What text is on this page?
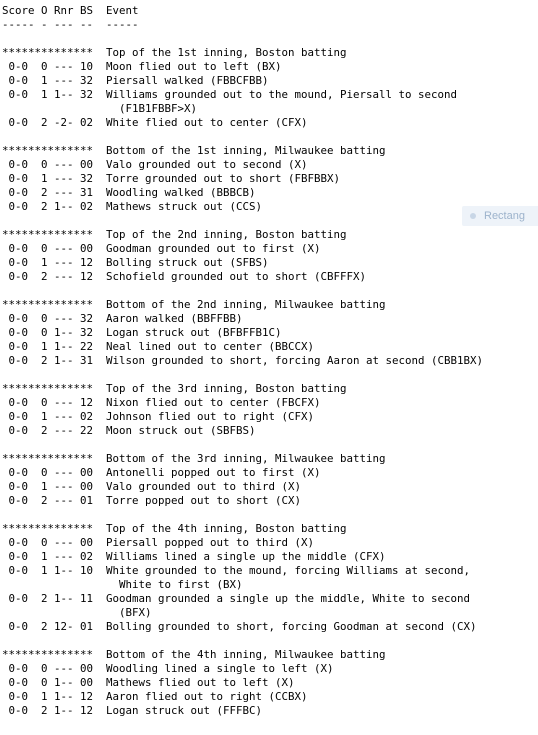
Score O Rnr BS  Event
----- - --- --  -----

**************  Top of the 1st inning, Boston batting
0-0  0 --- 10  Moon flied out to left (BX)
0-0  1 --- 32  Piersall walked (FBBCFBB)
0-0  1 1-- 32  Williams grounded out to the mound, Piersall to second
(F1B1FBBF>X)
0-0  2 -2- 02  White flied out to center (CFX)

**************  Bottom of the 1st inning, Milwaukee batting
0-0  0 --- 00  Valo grounded out to second (X)
0-0  1 --- 32  Torre grounded out to short (FBFBBX)
0-0  2 --- 31  Woodling walked (BBBCB)
0-0  2 1-- 02  Mathews struck out (CCS)

**************  Top of the 2nd inning, Boston batting
0-0  0 --- 00  Goodman grounded out to first (X)
0-0  1 --- 12  Bolling struck out (SFBS)
0-0  2 --- 12  Schofield grounded out to short (CBFFFX)

**************  Bottom of the 2nd inning, Milwaukee batting
0-0  0 --- 32  Aaron walked (BBFFBB)
0-0  0 1-- 32  Logan struck out (BFBFFB1C)
0-0  1 1-- 22  Neal lined out to center (BBCCX)
0-0  2 1-- 31  Wilson grounded to short, forcing Aaron at second (CBB1BX)

**************  Top of the 3rd inning, Boston batting
0-0  0 --- 12  Nixon flied out to center (FBCFX)
0-0  1 --- 02  Johnson flied out to right (CFX)
0-0  2 --- 22  Moon struck out (SBFBS)

**************  Bottom of the 3rd inning, Milwaukee batting
0-0  0 --- 00  Antonelli popped out to first (X)
0-0  1 --- 00  Valo grounded out to third (X)
0-0  2 --- 01  Torre popped out to short (CX)

**************  Top of the 4th inning, Boston batting
0-0  0 --- 00  Piersall popped out to third (X)
0-0  1 --- 02  Williams lined a single up the middle (CFX)
0-0  1 1-- 10  White grounded to the mound, forcing Williams at second,
White to first (BX)
0-0  2 1-- 11  Goodman grounded a single up the middle, White to second
(BFX)
0-0  2 12- 01  Bolling grounded to short, forcing Goodman at second (CX)

**************  Bottom of the 4th inning, Milwaukee batting
0-0  0 --- 00  Woodling lined a single to left (X)
0-0  0 1-- 00  Mathews flied out to left (X)
0-0  1 1-- 12  Aaron flied out to right (CCBX)
0-0  2 1-- 12  Logan struck out (FFFBC)
Rectang
